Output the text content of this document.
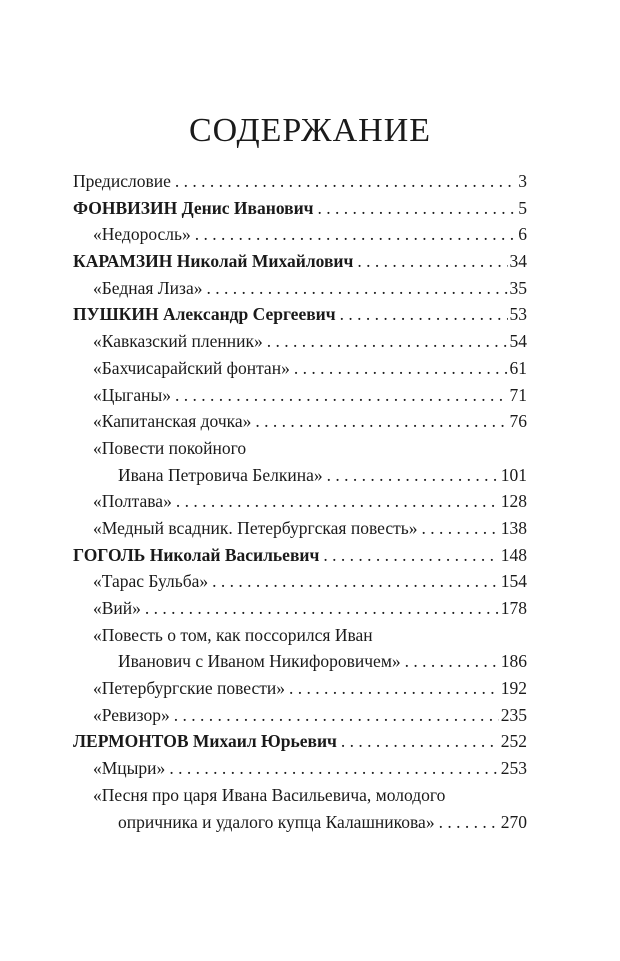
СОДЕРЖАНИЕ
Предисловие . . .	3
ФОНВИЗИН Денис Иванович . . .	5
«Недоросль» . . .	6
КАРАМЗИН Николай Михайлович . . .	34
«Бедная Лиза» . . .	35
ПУШКИН Александр Сергеевич . . .	53
«Кавказский пленник» . . .	54
«Бахчисарайский фонтан» . . .	61
«Цыганы» . . .	71
«Капитанская дочка» . . .	76
«Повести покойного
Ивана Петровича Белкина» . . .	101
«Полтава» . . .	128
«Медный всадник. Петербургская повесть» . . .	138
ГОГОЛЬ Николай Васильевич . . .	148
«Тарас Бульба» . . .	154
«Вий» . . .	178
«Повесть о том, как поссорился Иван
Иванович с Иваном Никифоровичем» . . .	186
«Петербургские повести» . . .	192
«Ревизор» . . .	235
ЛЕРМОНТОВ Михаил Юрьевич . . .	252
«Мцыри» . . .	253
«Песня про царя Ивана Васильевича, молодого
опричника и удалого купца Калашникова» . . .	270
